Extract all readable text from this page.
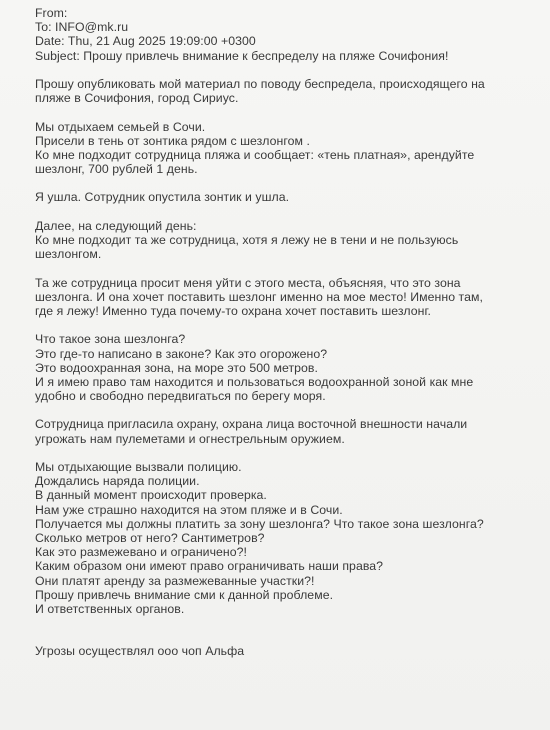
From:
To: INFO@mk.ru
Date: Thu, 21 Aug 2025 19:09:00 +0300
Subject: Прошу привлечь внимание к беспределу на пляже Сочифония!
Прошу опубликовать мой материал по поводу беспредела, происходящего на
пляже в Сочифония, город Сириус.
Мы отдыхаем семьей в Сочи.
Присели в тень от зонтика рядом с шезлонгом .
Ко мне подходит сотрудница пляжа и сообщает: «тень платная», арендуйте
шезлонг, 700 рублей 1 день.
Я ушла. Сотрудник опустила зонтик и ушла.
Далее, на следующий день:
Ко мне подходит та же сотрудница, хотя я лежу не в тени и не пользуюсь
шезлонгом.
Та же сотрудница просит меня уйти с этого места, объясняя, что это зона
шезлонга. И она хочет поставить шезлонг именно на мое место! Именно там,
где я лежу! Именно туда почему-то охрана хочет поставить шезлонг.
Что такое зона шезлонга?
Это где-то написано в законе? Как это огорожено?
Это водоохранная зона, на море это 500 метров.
И я имею право там находится и пользоваться водоохранной зоной как мне
удобно и свободно передвигаться по берегу моря.
Сотрудница пригласила охрану, охрана лица восточной внешности начали
угрожать нам пулеметами и огнестрельным оружием.
Мы отдыхающие вызвали полицию.
Дождались наряда полиции.
В данный момент происходит проверка.
Нам уже страшно находится на этом пляже и в Сочи.
Получается мы должны платить за зону шезлонга? Что такое зона шезлонга?
Сколько метров от него? Сантиметров?
Как это размежевано и ограничено?!
Каким образом они имеют право ограничивать наши права?
Они платят аренду за размежеванные участки?!
Прошу привлечь внимание сми к данной проблеме.
И ответственных органов.
Угрозы осуществлял ооо чоп Альфа
